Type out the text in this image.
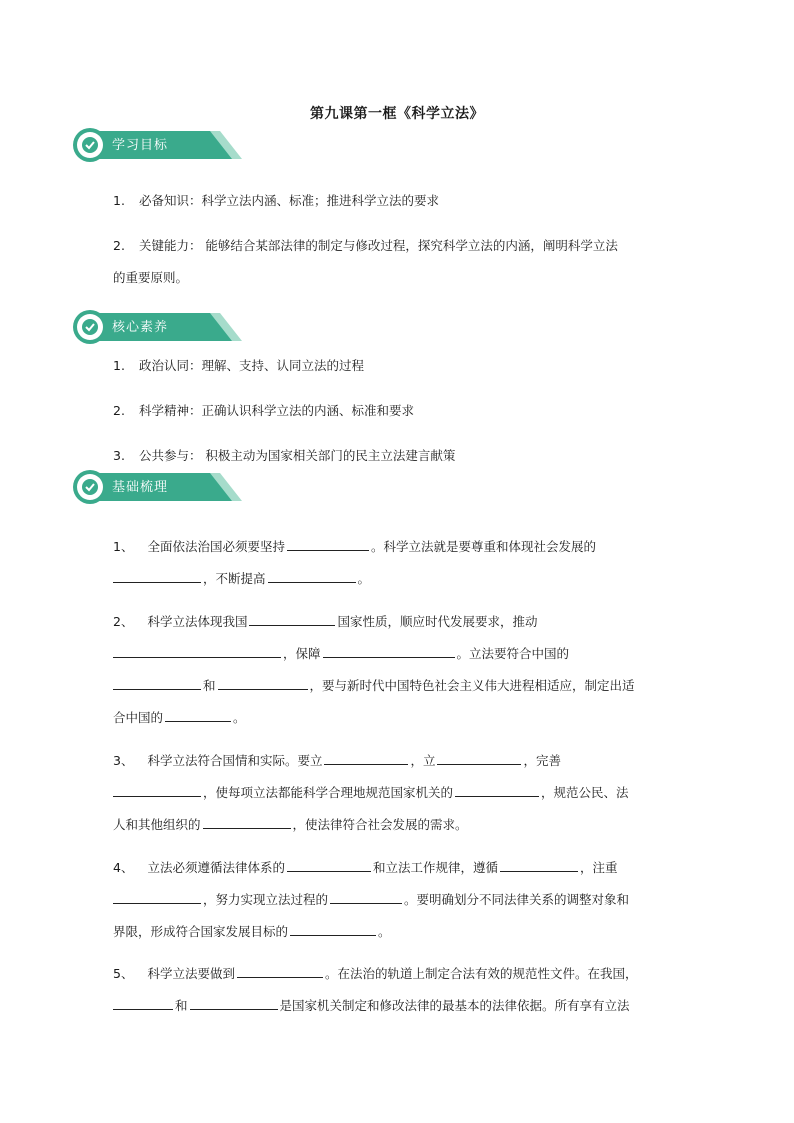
第九课第一框《科学立法》
学习目标
1. 必备知识：科学立法内涵、标准；推进科学立法的要求
2. 关键能力： 能够结合某部法律的制定与修改过程，探究科学立法的内涵，阐明科学立法
的重要原则。
核心素养
1. 政治认同：理解、支持、认同立法的过程
2. 科学精神：正确认识科学立法的内涵、标准和要求
3. 公共参与： 积极主动为国家相关部门的民主立法建言献策
基础梳理
1、 全面依法治国必须要坚持	。科学立法就是要尊重和体现社会发展的
，不断提高	。
2、 科学立法体现我国	国家性质，顺应时代发展要求，推动
，保障	。立法要符合中国的
和	，要与新时代中国特色社会主义伟大进程相适应，制定出适
合中国的	。
3、 科学立法符合国情和实际。要立	，立	，完善
，使每项立法都能科学合理地规范国家机关的	，规范公民、法
人和其他组织的	，使法律符合社会发展的需求。
4、 立法必须遵循法律体系的	和立法工作规律，遵循	，注重
，努力实现立法过程的	。要明确划分不同法律关系的调整对象和
界限，形成符合国家发展目标的	。
5、 科学立法要做到	。在法治的轨道上制定合法有效的规范性文件。在我国，
和	是国家机关制定和修改法律的最基本的法律依据。所有享有立法
